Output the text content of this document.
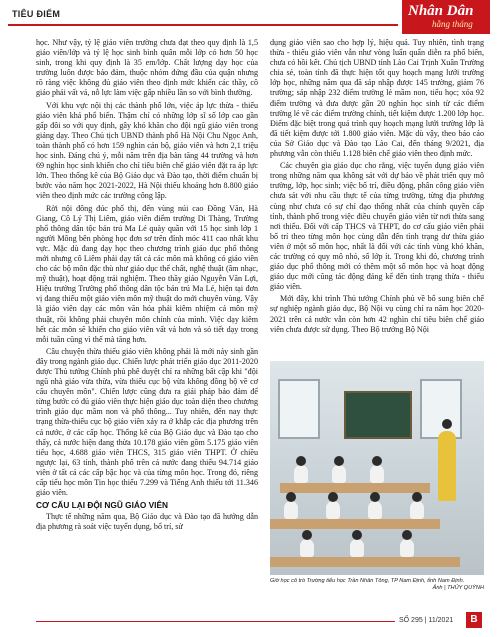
TIÊU ĐIỂM	Nhân Dân
hằng tháng

học. Như vậy, tỷ lệ giáo viên trường chưa đạt theo quy định là 1,5 giáo viên/lớp và tỷ lệ học sinh bình quân mỗi lớp có hơn 50 học sinh, trong khi quy định là 35 em/lớp. Chất lượng dạy học của trường luôn được bảo đảm, thuộc nhóm đứng đầu của quận nhưng rõ ràng việc không đủ giáo viên theo định mức khiến các thầy, cô giáo phải vất vả, nỗ lực làm việc gấp nhiều lần so với bình thường.

Với khu vực nội thị các thành phố lớn, việc áp lực thừa - thiếu giáo viên khá phổ biến. Thậm chí có những lớp sĩ số lớp cao gần gấp đôi so với quy định, gây khó khăn cho đội ngũ giáo viên trong giảng dạy. Theo Chủ tịch UBND thành phố Hà Nội Chu Ngọc Anh, toàn thành phố có hơn 159 nghìn cán bộ, giáo viên và hơn 2,1 triệu học sinh. Đáng chú ý, mỗi năm trên địa bàn tăng 44 trường và hơn 69 nghìn học sinh khiến cho chỉ tiêu biên chế giáo viên đặt ra áp lực lớn. Theo thống kê của Bộ Giáo dục và Đào tạo, thời điểm chuẩn bị bước vào năm học 2021-2022, Hà Nội thiếu khoảng hơn 8.800 giáo viên theo định mức các trường công lập.

Rời nội đông đúc phố thị, đến vùng núi cao Đồng Văn, Hà Giang, Cô Lý Thị Liêm, giáo viên điểm trường Di Thàng, Trường phổ thông dân tộc bán trú Ma Lé quày quần với 15 học sinh lớp 1 người Mông bên phòng học đơn sơ trên đỉnh mỏc 411 cao nhất khu vực. Mặc dù đang dạy học theo chương trình giáo dục phổ thông mới nhưng cô Liêm phải dạy tất cả các môn mà không có giáo viên cho các bộ môn đặc thù như giáo dục thể chất, nghệ thuật (âm nhạc, mỹ thuật), hoạt động trải nghiệm. Theo thầy giáo Nguyễn Văn Lợi, Hiệu trưởng Trường phổ thông dân tộc bán trú Ma Lé, hiện tại đơn vị đang thiếu một giáo viên môn mỹ thuật do mới chuyên vùng. Vậy là giáo viên dạy các môn văn hóa phải kiêm nhiệm cả môn mỹ thuật, rồi không phải chuyên môn chính của mình. Việc dạy kiêm hết các môn sẽ khiến cho giáo viên vất vả hơn và sỏ tiết dạy trong mỗi tuần cũng vì thế mà tăng hơn.

Câu chuyện thừa thiếu giáo viên không phải là mới nảy sinh gần đây trong ngành giáo dục. Chiến lược phát triển giáo dục 2011-2020 được Thủ tướng Chính phủ phê duyệt chỉ ra những bất cập khi "đội ngũ nhà giáo vừa thừa, vừa thiếu cục bộ vừa không đồng bộ về cơ cấu chuyên môn". Chiến lược cũng đưa ra giải pháp bảo đảm để từng bước có đủ giáo viên thực hiện giáo dục toàn diện theo chương trình giáo dục mầm non và phổ thông... Tuy nhiên, đến nay thực trạng thừa-thiếu cục bộ giáo viên xảy ra ở khắp các địa phương trên cả nước, ở các cấp học. Thống kê của Bộ Giáo dục và Đào tạo cho thấy, cả nước hiện đang thừa 10.178 giáo viên gồm 5.175 giáo viên tiểu học, 4.688 giáo viên THCS, 315 giáo viên THPT. Ở chiều ngược lại, 63 tỉnh, thành phố trên cả nước đang thiếu 94.714 giáo viên ở tất cả các cấp bậc học và của từng môn học. Trong đó, riêng cấp tiểu học môn Tin học thiếu 7.299 và Tiếng Anh thiếu tới 11.346 giáo viên.

CƠ CẤU LẠI ĐỘI NGŨ GIÁO VIÊN

Thực tế những năm qua, Bộ Giáo dục và Đào tạo đã hướng dẫn địa phương rà soát việc tuyển dụng, bổ trí, sử

dụng giáo viên sao cho hợp lý, hiệu quả. Tuy nhiên, tình trạng thừa - thiếu giáo viên vẫn như vòng luẩn quẩn diễn ra phổ biến, chưa có hồi kết. Chủ tịch UBND tỉnh Lào Cai Trịnh Xuân Trường chia sẻ, toàn tỉnh đã thực hiện tốt quy hoạch mạng lưới trường lớp học, những năm qua đã sáp nhập được 145 trường, giảm 76 trường; sáp nhập 232 điểm trường lẻ mầm non, tiểu học; xóa 92 điểm trường và đưa được gần 20 nghìn học sinh từ các điểm trường lẻ về các điểm trường chính, tiết kiệm được 1.200 lớp học. Điểm đặc biệt trong quá trình quy hoạch mạng lưới trường lớp là đã tiết kiệm được tới 1.800 giáo viên. Mặc dù vậy, theo báo cáo của Sở Giáo dục và Đào tạo Lào Cai, đến tháng 9/2021, địa phương vẫn còn thiếu 1.128 biên chế giáo viên theo định mức.

Các chuyên gia giáo dục cho rằng, việc tuyển dụng giáo viên trong những năm qua không sát với dự báo về phát triển quy mô trường, lớp, học sinh; việc bố trí, điều động, phân công giáo viên chưa sát với nhu cầu thực tế của từng trường, từng địa phương cùng như chưa có sự chỉ đạo thống nhất của chính quyền cấp tỉnh, thành phố trong việc điều chuyển giáo viên từ nơi thừa sang nơi thiếu. Đối với cấp THCS và THPT, do cơ cấu giáo viên phải bố trí theo từng môn học cùng dẫn đến tình trạng dư thừa giáo viên ở một số môn học, nhất là đối với các tỉnh vùng khó khăn, các trường có quy mô nhỏ, số lớp ít. Trong khi đó, chương trình giáo dục phổ thông mới có thêm một số môn học và hoạt động giáo dục mới cũng tác động đáng kể đến tình trạng thừa - thiếu giáo viên.

Mới đây, khi trình Thủ tướng Chính phủ về bổ sung biên chế sự nghiệp ngành giáo dục, Bộ Nội vụ cùng chỉ ra năm học 2020-2021 trên cả nước vẫn còn hơn 42 nghìn chỉ tiêu biên chế giáo viên chưa được sử dụng. Theo Bộ trưởng Bộ Nội

Giờ học cô trò Trường tiểu học Trần Nhân Tông, TP Nam Định, tỉnh Nam Định.
Ảnh | THỦY QUỲNH
SỐ 295 | 11/2021	B
